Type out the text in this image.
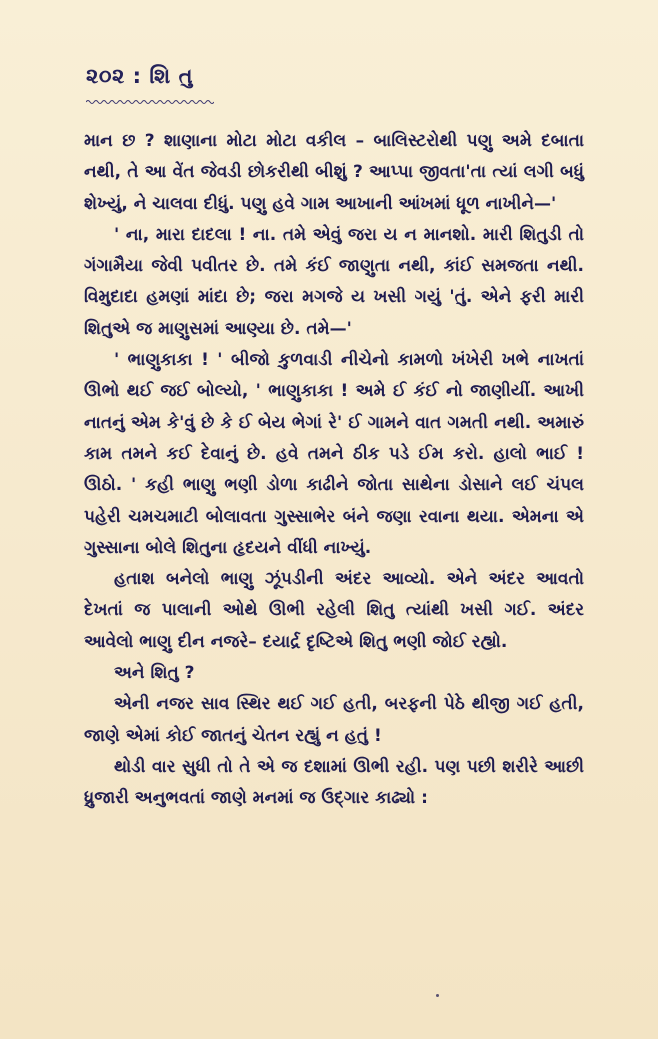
૨૦૨ : શિ તુ

માન છ ? શાણાના મોટા મોટા વકીલ – બાલિસ્ટરોથી પણુ અમે દબાતા નથી, તે આ વેંત જેવડી છોકરીથી બીશું ? આપ્પા જીવતા'તા ત્યાં લગી બધું શેખ્યું, ને ચાલવા દીધું. પણુ હવે ગામ આખાની આંખમાં ધૂળ નાખીને—'

' ના, મારા દાદલા ! ના. તમે એવું જરા ય ન માનશો. મારી શિતુડી તો ગંગામૈયા જેવી પવીતર છે. તમે કંઈ જાણુતા નથી, કાંઈ સમજતા નથી. વિમુદાદા હમણાં માંદા છે; જરા મગજે ય ખસી ગયું 'તું. એને ફરી મારી શિતુએ જ માણુસમાં આણ્યા છે. તમે—'

' ભાણુકાકા ! ' બીજો કુળવાડી નીચેનો કામળો ખંખેરી ખભે નાખતાં ઊભો થઈ જઈ બોલ્યો, ' ભાણુકાકા ! અમે ઈ કંઈ નો જાણીયીં. આખી નાતનું એમ કે'વું છે કે ઈ બેય ભેગાં રે' ઈ ગામને વાત ગમતી નથી. અમારું કામ તમને કઈ દેવાનું છે. હવે તમને ઠીક પડે ઈમ કરો. હાલો ભાઈ ! ઊઠો. ' કહી ભાણુ ભણી ડોળા કાઢીને જોતા સાથેના ડોસાને લઈ ચંપલ પહેરી ચમચમાટી બોલાવતા ગુસ્સાભેર બંને જણા રવાના થયા. એમના એ ગુસ્સાના બોલે શિતુના હૃદયને વીંધી નાખ્યું.

હતાશ બનેલો ભાણુ ઝૂંપડીની અંદર આવ્યો. એને અંદર આવતો દેખતાં જ પાલાની ઓથે ઊભી રહેલી શિતુ ત્યાંથી ખસી ગઈ. અંદર આવેલો ભાણુ દીન નજરે– દયાર્દ્ર દૃષ્ટિએ શિતુ ભણી જોઈ રહ્યો.

અને શિતુ ?

એની નજર સાવ સ્થિર થઈ ગઈ હતી, બરફની પેઠે થીજી ગઈ હતી, જાણે એમાં કોઈ જાતનું ચેતન રહ્યું ન હતું !

થોડી વાર સુધી તો તે એ જ દશામાં ઊભી રહી. પણ પછી શરીરે આછી ધ્રુજારી અનુભવતાં જાણે મનમાં જ ઉદ્ગાર કાઢ્યો :
